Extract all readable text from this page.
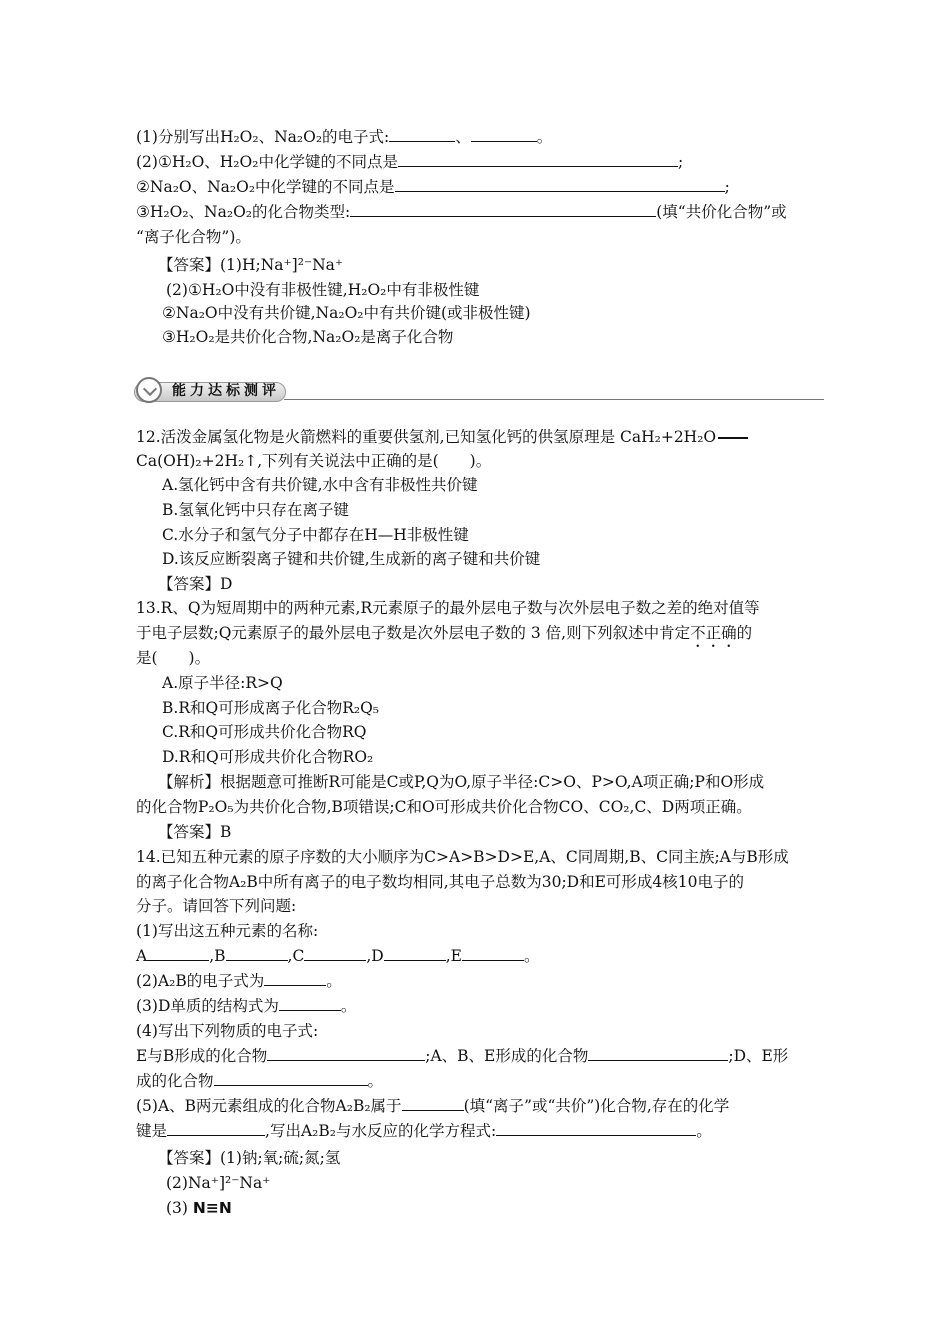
(1)分别写出H₂O₂、Na₂O₂的电子式:	、	。
(2)①H₂O、H₂O₂中化学键的不同点是	;
②Na₂O、Na₂O₂中化学键的不同点是	;
③H₂O₂、Na₂O₂的化合物类型:	(填“共价化合物”或
“离子化合物”)。
【答案】(1)H;Na⁺]²⁻Na⁺
(2)①H₂O中没有非极性键,H₂O₂中有非极性键
②Na₂O中没有共价键,Na₂O₂中有共价键(或非极性键)
③H₂O₂是共价化合物,Na₂O₂是离子化合物
能力达标测评
12.活泼金属氢化物是火箭燃料的重要供氢剂,已知氢化钙的供氢原理是 CaH₂+2H₂O
Ca(OH)₂+2H₂↑,下列有关说法中正确的是(　　)。
A.氢化钙中含有共价键,水中含有非极性共价键
B.氢氧化钙中只存在离子键
C.水分子和氢气分子中都存在H—H非极性键
D.该反应断裂离子键和共价键,生成新的离子键和共价键
【答案】D
13.R、Q为短周期中的两种元素,R元素原子的最外层电子数与次外层电子数之差的绝对值等
于电子层数;Q元素原子的最外层电子数是次外层电子数的 3 倍,则下列叙述中肯定不正确的
是(　　)。
A.原子半径:R>Q
B.R和Q可形成离子化合物R₂Q₅
C.R和Q可形成共价化合物RQ
D.R和Q可形成共价化合物RO₂
【解析】根据题意可推断R可能是C或P,Q为O,原子半径:C>O、P>O,A项正确;P和O形成
的化合物P₂O₅为共价化合物,B项错误;C和O可形成共价化合物CO、CO₂,C、D两项正确。
【答案】B
14.已知五种元素的原子序数的大小顺序为C>A>B>D>E,A、C同周期,B、C同主族;A与B形成
的离子化合物A₂B中所有离子的电子数均相同,其电子总数为30;D和E可形成4核10电子的
分子。请回答下列问题:
(1)写出这五种元素的名称:
A	,B	,C	,D	,E	。
(2)A₂B的电子式为	。
(3)D单质的结构式为	。
(4)写出下列物质的电子式:
E与B形成的化合物	;A、B、E形成的化合物	;D、E形
成的化合物	。
(5)A、B两元素组成的化合物A₂B₂属于	(填“离子”或“共价”)化合物,存在的化学
键是	,写出A₂B₂与水反应的化学方程式:	。
【答案】(1)钠;氧;硫;氮;氢
(2)Na⁺]²⁻Na⁺
(3) N≡N
